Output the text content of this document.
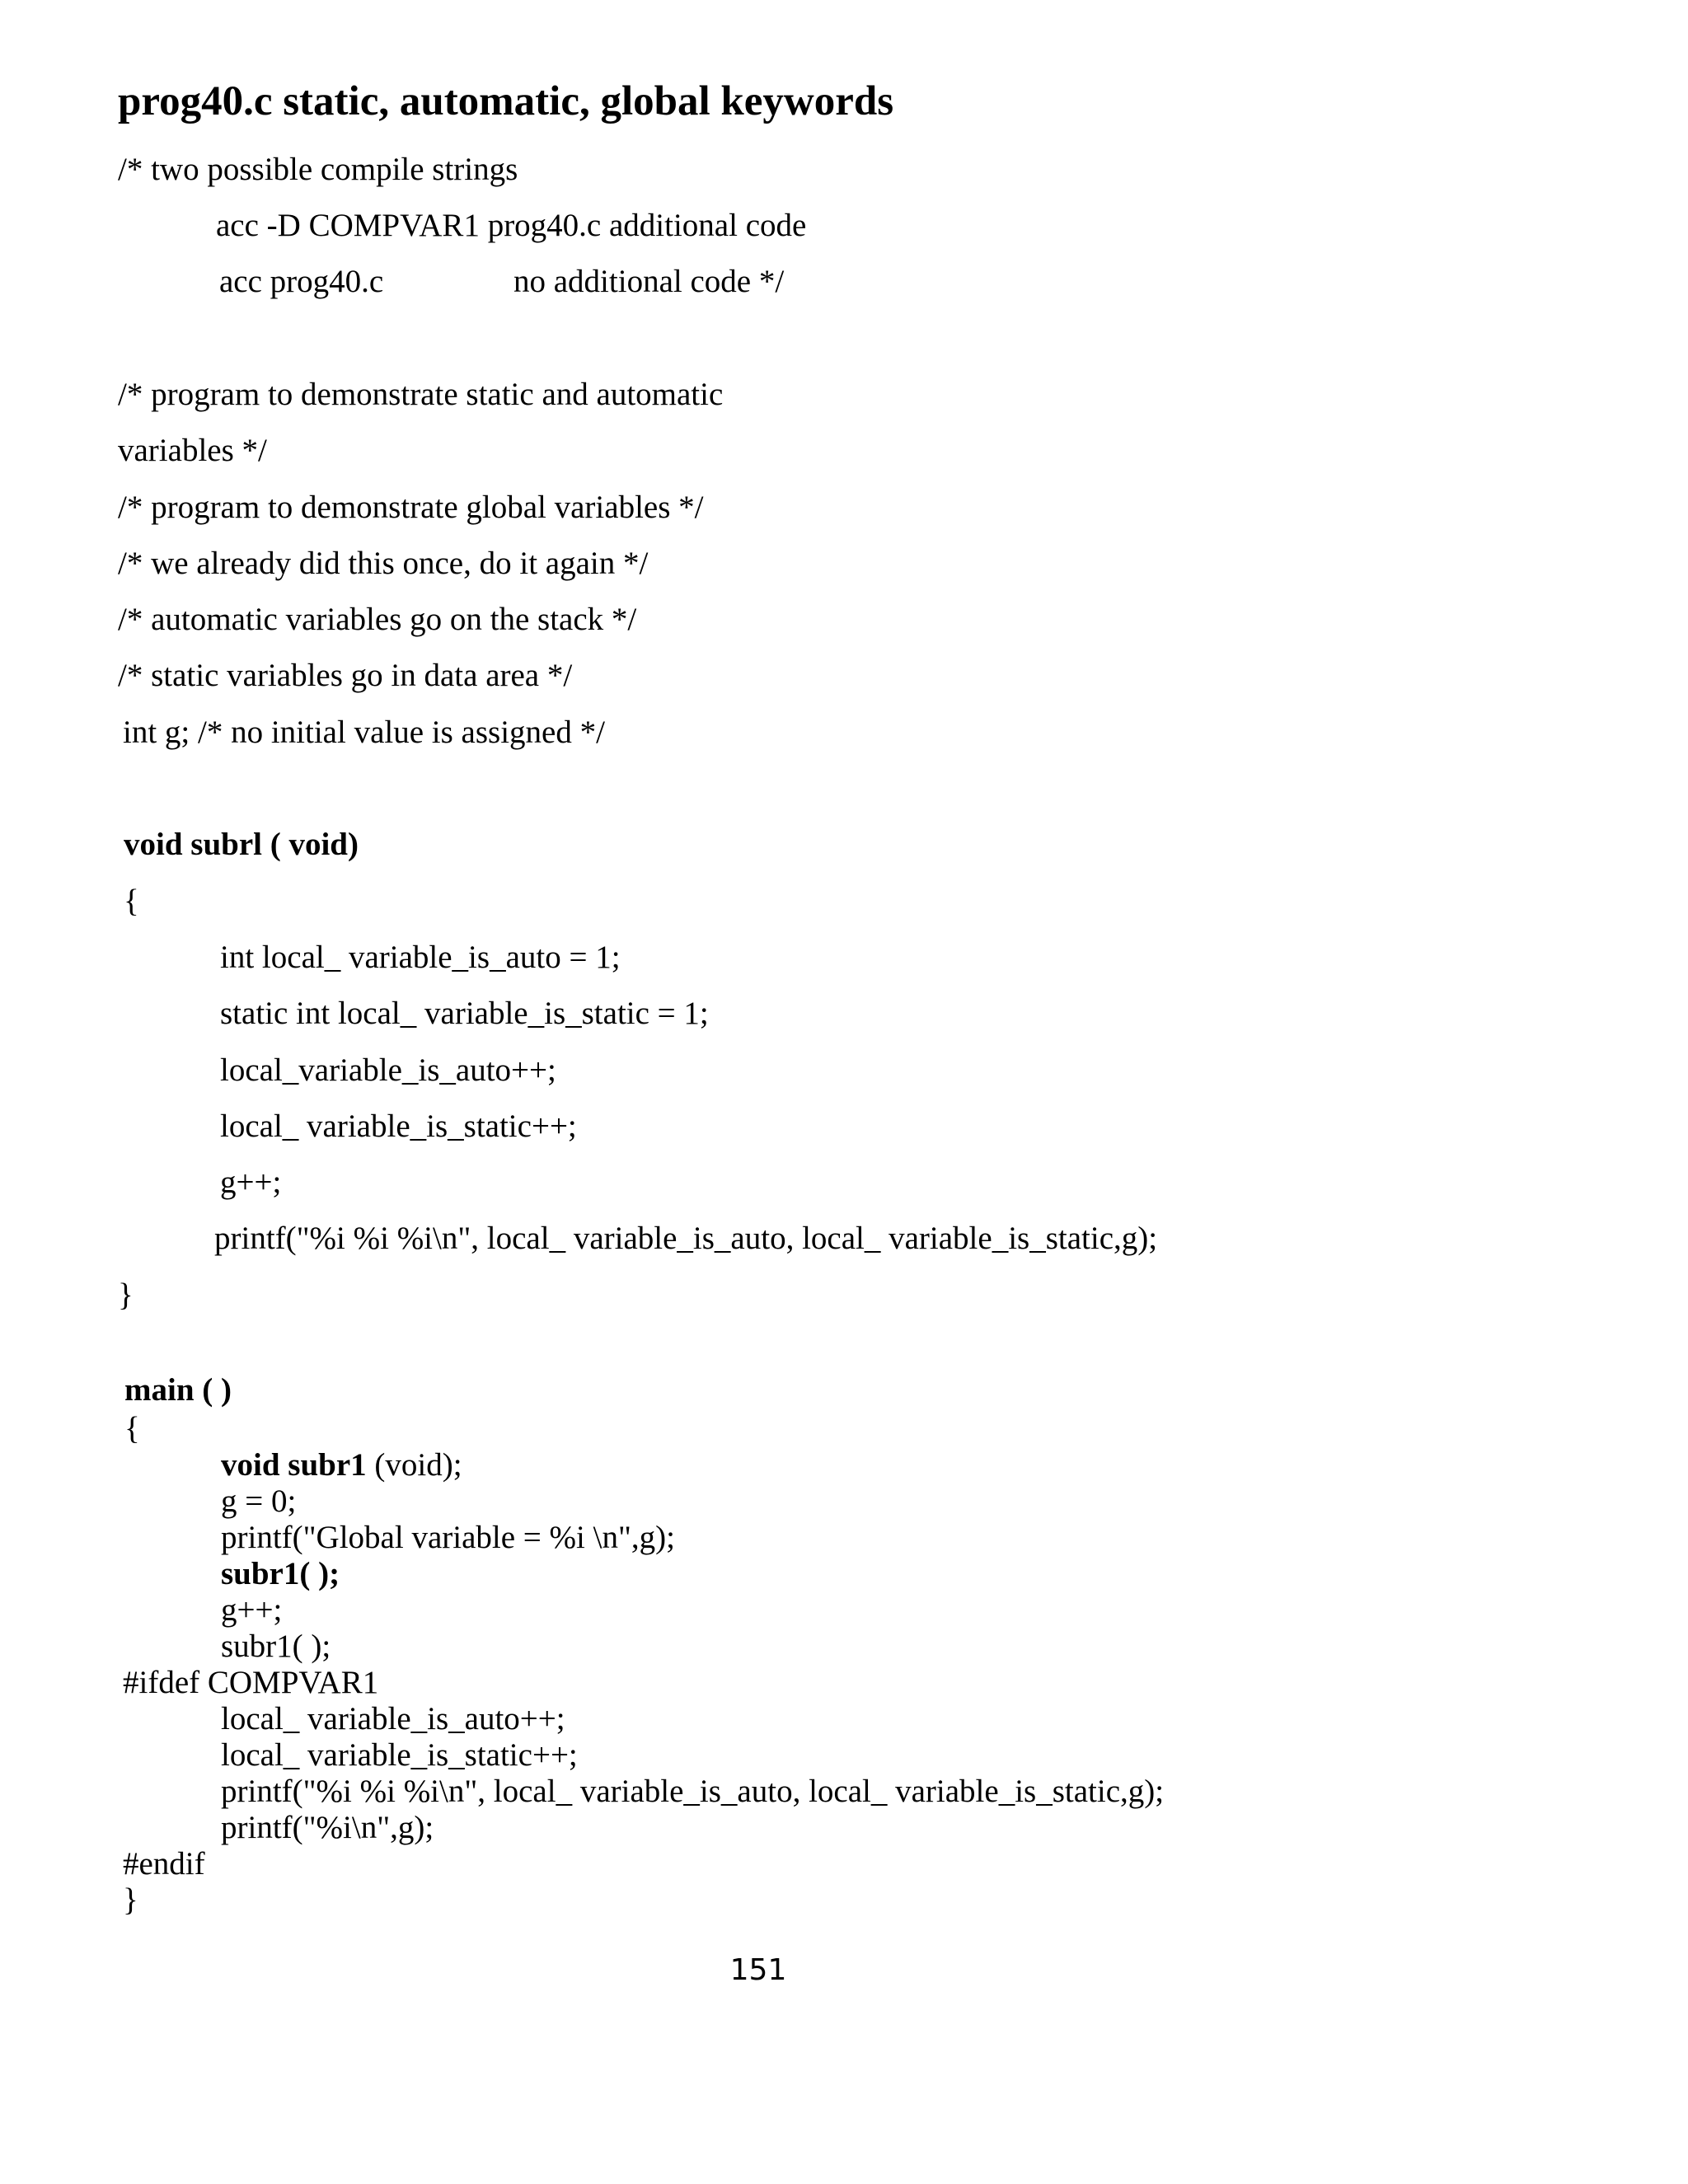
prog40.c static, automatic, global keywords
/* two possible compile strings
acc -D COMPVAR1 prog40.c additional code
acc prog40.c	no additional code */
/* program to demonstrate static and automatic
variables */
/* program to demonstrate global variables */
/* we already did this once, do it again */
/* automatic variables go on the stack */
/* static variables go in data area */
int g; /* no initial value is assigned */
void subrl ( void)
{
int local_ variable_is_auto = 1;
static int local_ variable_is_static = 1;
local_variable_is_auto++;
local_ variable_is_static++;
g++;
printf("%i %i %i\n", local_ variable_is_auto, local_ variable_is_static,g);
}
main ( )
{
void subr1 (void);
g = 0;
printf("Global variable = %i \n",g);
subr1( );
g++;
subr1( );
#ifdef COMPVAR1
local_ variable_is_auto++;
local_ variable_is_static++;
printf("%i %i %i\n", local_ variable_is_auto, local_ variable_is_static,g);
printf("%i\n",g);
#endif
}
151
